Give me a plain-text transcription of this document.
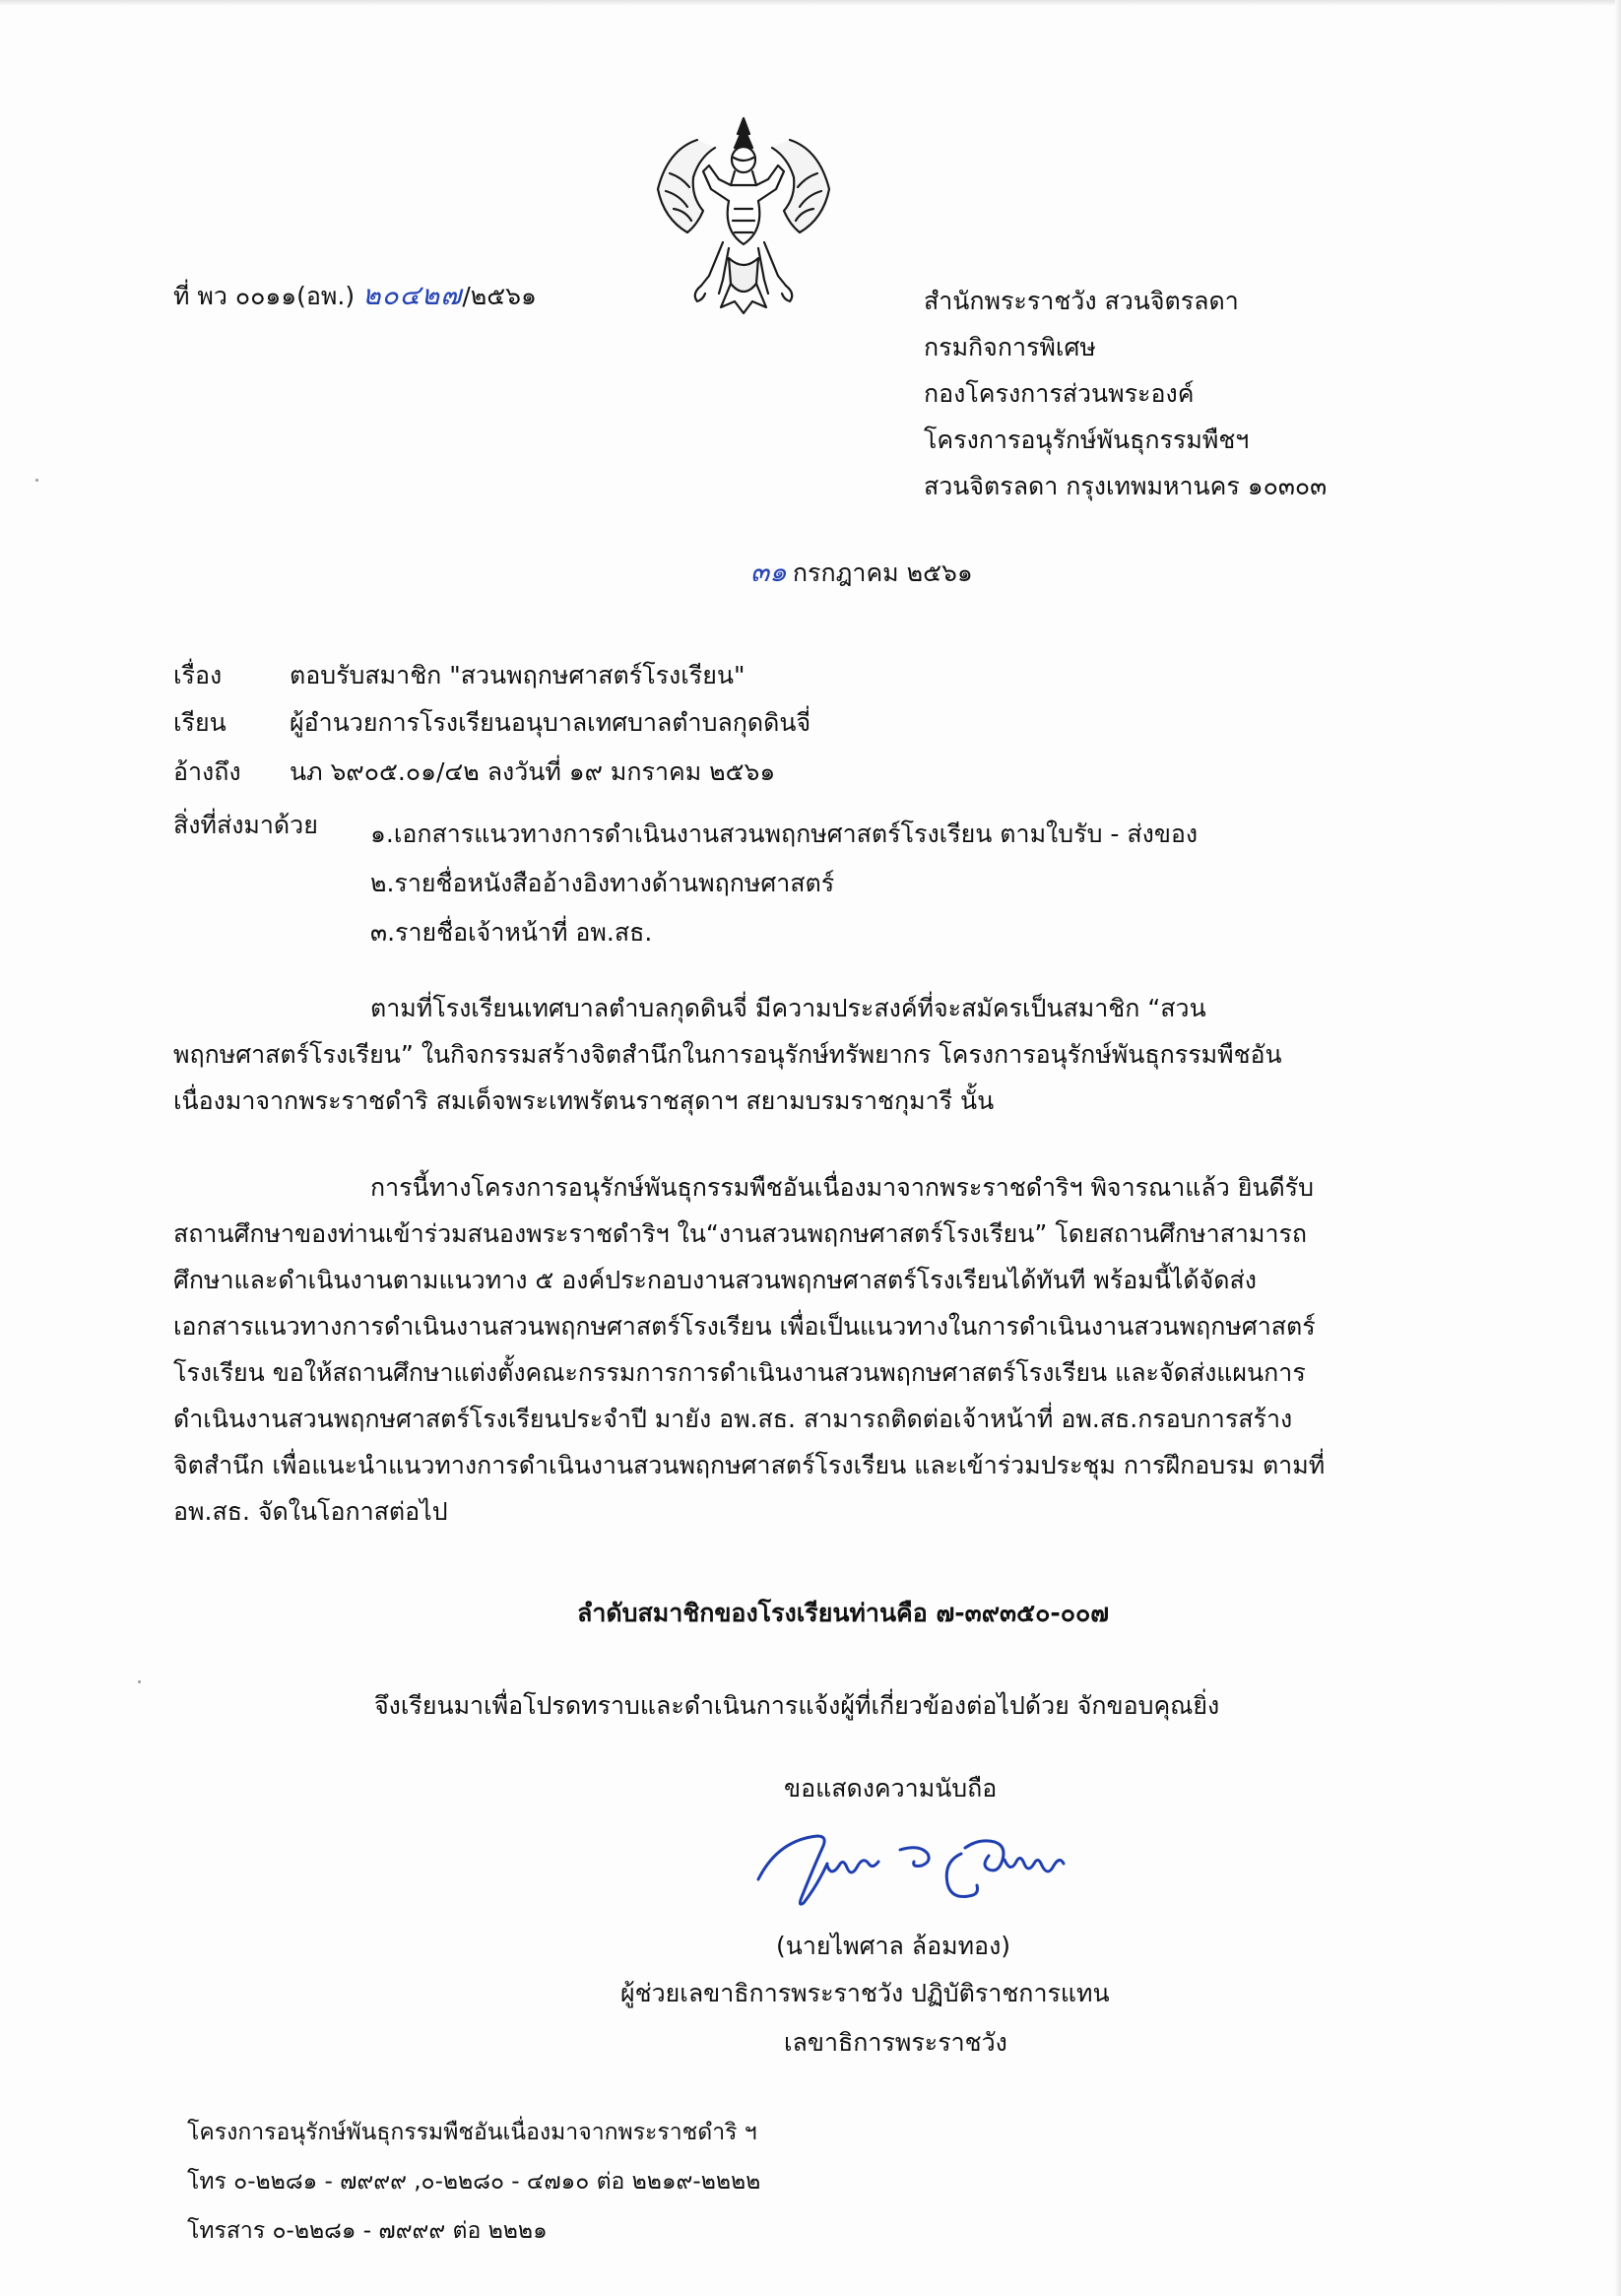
ที่ พว ๐๐๑๑(อพ.) ๒๐๔๒๗/๒๕๖๑	สำนักพระราชวัง สวนจิตรลดา
กรมกิจการพิเศษ
กองโครงการส่วนพระองค์
โครงการอนุรักษ์พันธุกรรมพืชฯ
สวนจิตรลดา กรุงเทพมหานคร ๑๐๓๐๓
๓๑ กรกฎาคม ๒๕๖๑
เรื่อง	ตอบรับสมาชิก "สวนพฤกษศาสตร์โรงเรียน"
เรียน	ผู้อำนวยการโรงเรียนอนุบาลเทศบาลตำบลกุดดินจี่
อ้างถึง นภ ๖๙๐๕.๐๑/๔๒ ลงวันที่ ๑๙ มกราคม ๒๕๖๑
สิ่งที่ส่งมาด้วย ๑.เอกสารแนวทางการดำเนินงานสวนพฤกษศาสตร์โรงเรียน ตามใบรับ - ส่งของ
๒.รายชื่อหนังสืออ้างอิงทางด้านพฤกษศาสตร์
๓.รายชื่อเจ้าหน้าที่ อพ.สธ.
ตามที่โรงเรียนเทศบาลตำบลกุดดินจี่ มีความประสงค์ที่จะสมัครเป็นสมาชิก “สวน
พฤกษศาสตร์โรงเรียน” ในกิจกรรมสร้างจิตสำนึกในการอนุรักษ์ทรัพยากร โครงการอนุรักษ์พันธุกรรมพืชอัน
เนื่องมาจากพระราชดำริ สมเด็จพระเทพรัตนราชสุดาฯ สยามบรมราชกุมารี นั้น
การนี้ทางโครงการอนุรักษ์พันธุกรรมพืชอันเนื่องมาจากพระราชดำริฯ พิจารณาแล้ว ยินดีรับ
สถานศึกษาของท่านเข้าร่วมสนองพระราชดำริฯ ใน“งานสวนพฤกษศาสตร์โรงเรียน” โดยสถานศึกษาสามารถ
ศึกษาและดำเนินงานตามแนวทาง ๕ องค์ประกอบงานสวนพฤกษศาสตร์โรงเรียนได้ทันที พร้อมนี้ได้จัดส่ง
เอกสารแนวทางการดำเนินงานสวนพฤกษศาสตร์โรงเรียน เพื่อเป็นแนวทางในการดำเนินงานสวนพฤกษศาสตร์
โรงเรียน ขอให้สถานศึกษาแต่งตั้งคณะกรรมการการดำเนินงานสวนพฤกษศาสตร์โรงเรียน และจัดส่งแผนการ
ดำเนินงานสวนพฤกษศาสตร์โรงเรียนประจำปี มายัง อพ.สธ. สามารถติดต่อเจ้าหน้าที่ อพ.สธ.กรอบการสร้าง
จิตสำนึก เพื่อแนะนำแนวทางการดำเนินงานสวนพฤกษศาสตร์โรงเรียน และเข้าร่วมประชุม การฝึกอบรม ตามที่
อพ.สธ. จัดในโอกาสต่อไป
ลำดับสมาชิกของโรงเรียนท่านคือ ๗-๓๙๓๕๐-๐๐๗
จึงเรียนมาเพื่อโปรดทราบและดำเนินการแจ้งผู้ที่เกี่ยวข้องต่อไปด้วย จักขอบคุณยิ่ง
ขอแสดงความนับถือ
(นายไพศาล ล้อมทอง)
ผู้ช่วยเลขาธิการพระราชวัง ปฏิบัติราชการแทน
เลขาธิการพระราชวัง
โครงการอนุรักษ์พันธุกรรมพืชอันเนื่องมาจากพระราชดำริ ฯ
โทร ๐-๒๒๘๑ - ๗๙๙๙ ,๐-๒๒๘๐ - ๔๗๑๐ ต่อ ๒๒๑๙-๒๒๒๒
โทรสาร ๐-๒๒๘๑ - ๗๙๙๙ ต่อ ๒๒๒๑
